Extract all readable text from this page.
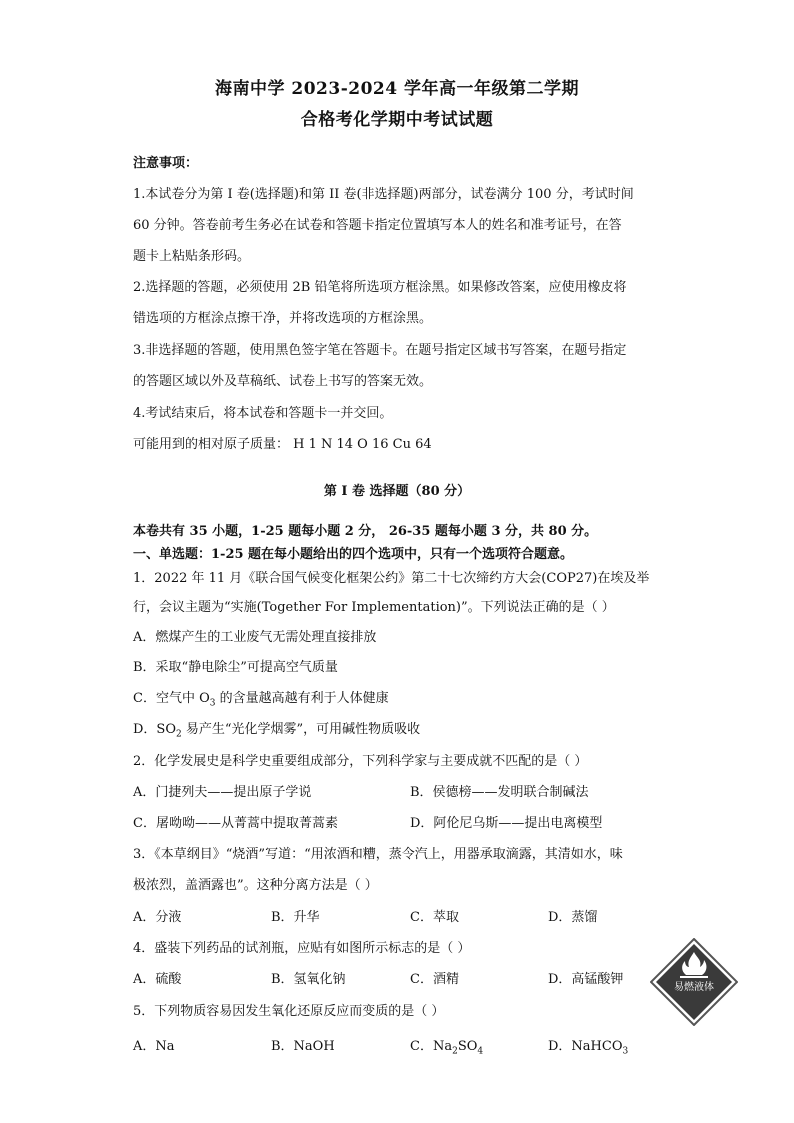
海南中学 2023-2024 学年高一年级第二学期
合格考化学期中考试试题
注意事项：
1.本试卷分为第 I 卷(选择题)和第 II 卷(非选择题)两部分，试卷满分 100 分，考试时间
60 分钟。答卷前考生务必在试卷和答题卡指定位置填写本人的姓名和准考证号，在答
题卡上粘贴条形码。
2.选择题的答题，必须使用 2B 铅笔将所选项方框涂黑。如果修改答案，应使用橡皮将
错选项的方框涂点擦干净，并将改选项的方框涂黑。
3.非选择题的答题，使用黑色签字笔在答题卡。在题号指定区域书写答案，在题号指定
的答题区域以外及草稿纸、试卷上书写的答案无效。
4.考试结束后，将本试卷和答题卡一并交回。
可能用到的相对原子质量： H 1 N 14 O 16 Cu 64
第 I 卷 选择题（80 分）
本卷共有 35 小题，1-25 题每小题 2 分， 26-35 题每小题 3 分，共 80 分。
一、单选题：1-25 题在每小题给出的四个选项中，只有一个选项符合题意。
1．2022 年 11 月《联合国气候变化框架公约》第二十七次缔约方大会(COP27)在埃及举
行，会议主题为“实施(Together For Implementation)”。下列说法正确的是（ ）
A．燃煤产生的工业废气无需处理直接排放
B．采取“静电除尘”可提高空气质量
C．空气中 $O_3$ 的含量越高越有利于人体健康
D．$SO_2$ 易产生“光化学烟雾”，可用碱性物质吸收
2．化学发展史是科学史重要组成部分，下列科学家与主要成就不匹配的是（ ）
A．门捷列夫——提出原子学说	B．侯德榜——发明联合制碱法
C．屠呦呦——从菁蒿中提取菁蒿素	D．阿伦尼乌斯——提出电离模型
3．《本草纲目》“烧酒”写道：“用浓酒和糟，蒸令汽上，用器承取滴露，其清如水，味
极浓烈，盖酒露也”。这种分离方法是（ ）
A．分液	B．升华	C．萃取	D．蒸馏
4．盛装下列药品的试剂瓶，应贴有如图所示标志的是（ ）
A．硫酸	B．氢氧化钠	C．酒精	D．高锰酸钾
易燃液体
5．下列物质容易因发生氧化还原反应而变质的是（ ）
A．Na	B．NaOH	C．$Na_2SO_4$	D．NaHCO$_3$
